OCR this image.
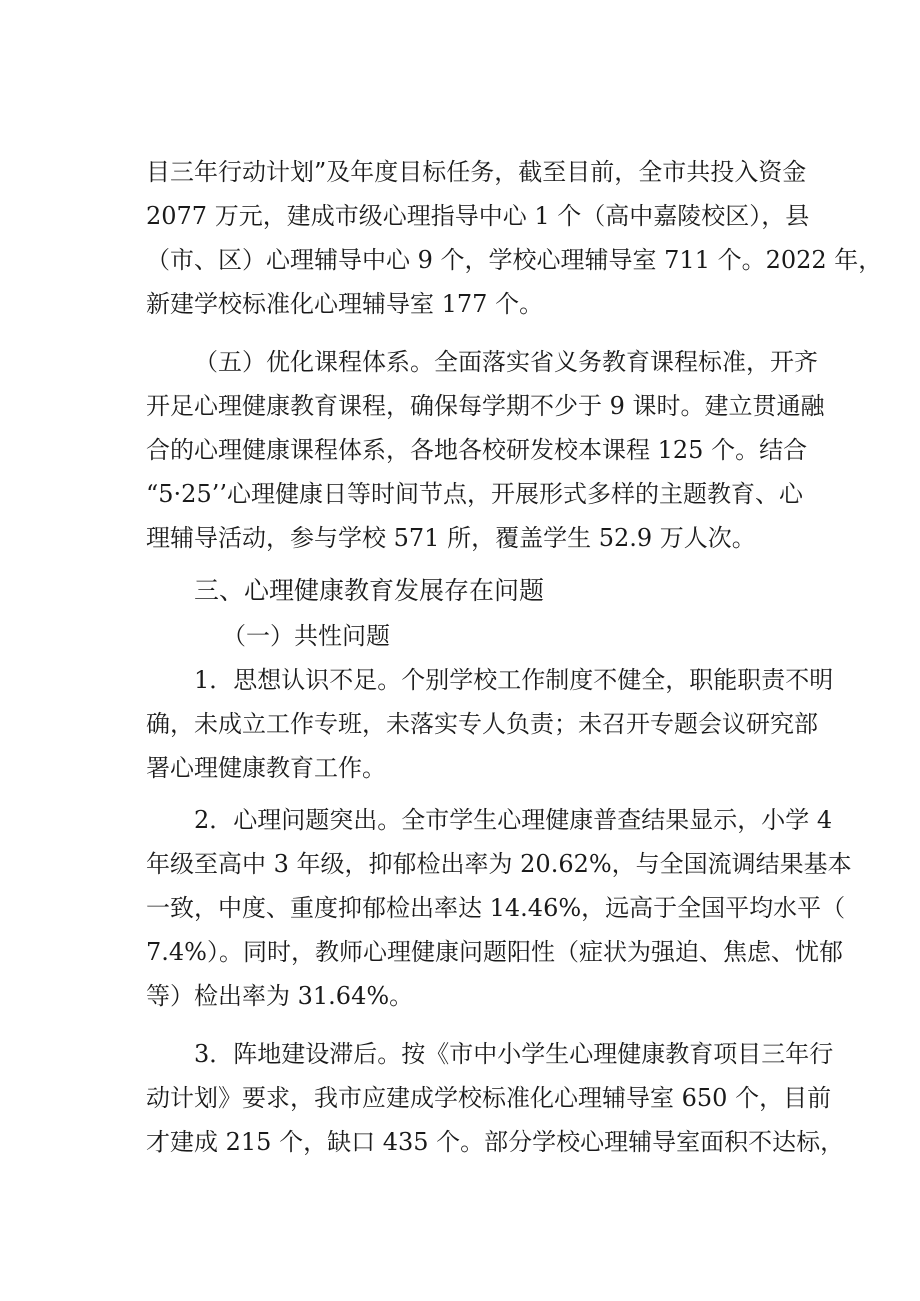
目三年行动计划”及年度目标任务，截至目前，全市共投入资金
2077 万元，建成市级心理指导中心 1 个（高中嘉陵校区），县
（市、区）心理辅导中心 9 个，学校心理辅导室 711 个。2022 年，
新建学校标准化心理辅导室 177 个。
（五）优化课程体系。全面落实省义务教育课程标准，开齐
开足心理健康教育课程，确保每学期不少于 9 课时。建立贯通融
合的心理健康课程体系，各地各校研发校本课程 125 个。结合
“5·25’’心理健康日等时间节点，开展形式多样的主题教育、心
理辅导活动，参与学校 571 所，覆盖学生 52.9 万人次。
三、心理健康教育发展存在问题
（一）共性问题
1．思想认识不足。个别学校工作制度不健全，职能职责不明
确，未成立工作专班，未落实专人负责；未召开专题会议研究部
署心理健康教育工作。
2．心理问题突出。全市学生心理健康普查结果显示，小学 4
年级至高中 3 年级，抑郁检出率为 20.62%，与全国流调结果基本
一致，中度、重度抑郁检出率达 14.46%，远高于全国平均水平（
7.4%）。同时，教师心理健康问题阳性（症状为强迫、焦虑、忧郁
等）检出率为 31.64%。
3．阵地建设滞后。按《市中小学生心理健康教育项目三年行
动计划》要求，我市应建成学校标准化心理辅导室 650 个，目前
才建成 215 个，缺口 435 个。部分学校心理辅导室面积不达标，
